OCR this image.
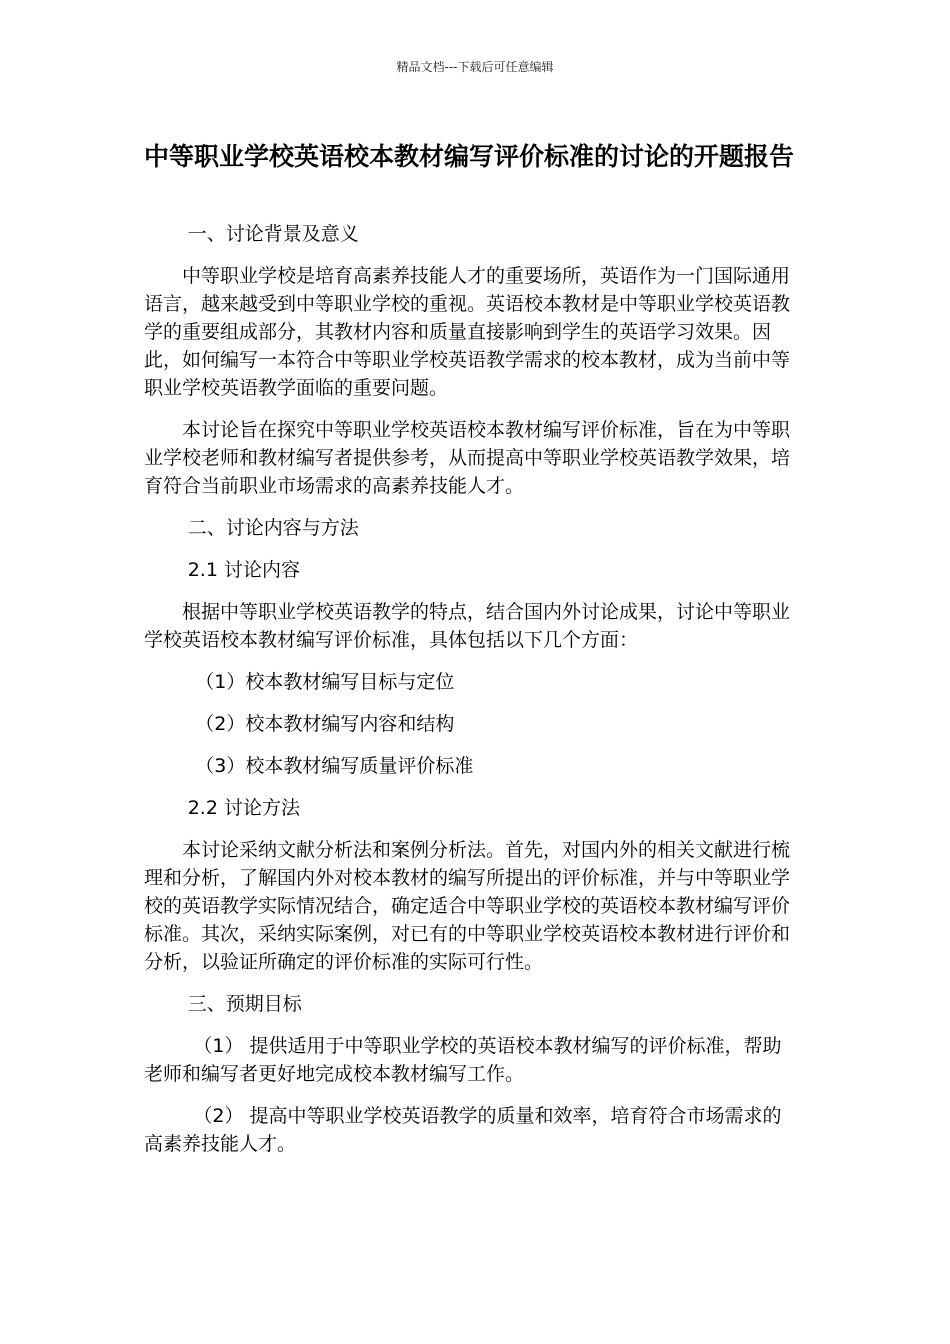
精品文档---下载后可任意编辑
中等职业学校英语校本教材编写评价标准的讨论的开题报告
一、讨论背景及意义

中等职业学校是培育高素养技能人才的重要场所，英语作为一门国际通用语言，越来越受到中等职业学校的重视。英语校本教材是中等职业学校英语教学的重要组成部分，其教材内容和质量直接影响到学生的英语学习效果。因此，如何编写一本符合中等职业学校英语教学需求的校本教材，成为当前中等职业学校英语教学面临的重要问题。

本讨论旨在探究中等职业学校英语校本教材编写评价标准，旨在为中等职业学校老师和教材编写者提供参考，从而提高中等职业学校英语教学效果，培育符合当前职业市场需求的高素养技能人才。

二、讨论内容与方法
2.1 讨论内容

根据中等职业学校英语教学的特点，结合国内外讨论成果，讨论中等职业学校英语校本教材编写评价标准，具体包括以下几个方面：

（1）校本教材编写目标与定位
（2）校本教材编写内容和结构
（3）校本教材编写质量评价标准
2.2 讨论方法

本讨论采纳文献分析法和案例分析法。首先，对国内外的相关文献进行梳理和分析，了解国内外对校本教材的编写所提出的评价标准，并与中等职业学校的英语教学实际情况结合，确定适合中等职业学校的英语校本教材编写评价标准。其次，采纳实际案例，对已有的中等职业学校英语校本教材进行评价和分析，以验证所确定的评价标准的实际可行性。

三、预期目标

（1） 提供适用于中等职业学校的英语校本教材编写的评价标准，帮助老师和编写者更好地完成校本教材编写工作。

（2） 提高中等职业学校英语教学的质量和效率，培育符合市场需求的高素养技能人才。
